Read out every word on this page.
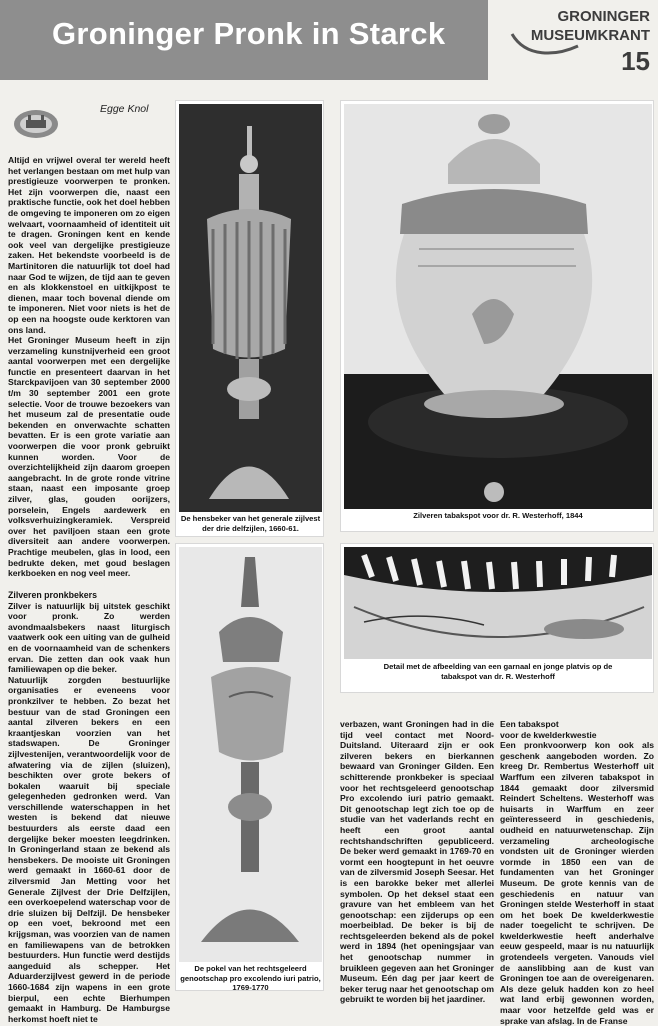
Groninger Pronk in Starck	GRONINGER
MUSEUMKRANT
15
Egge Knol

Altijd en vrijwel overal ter wereld heeft het verlangen bestaan om met hulp van prestigieuze voorwerpen te pronken. Het zijn voorwerpen die, naast een praktische functie, ook het doel hebben de omgeving te imponeren om zo eigen welvaart, voornaamheid of identiteit uit te dragen. Groningen kent en kende ook veel van dergelijke prestigieuze zaken. Het bekendste voorbeeld is de Martinitoren die natuurlijk tot doel had naar God te wijzen, de tijd aan te geven en als klokkenstoel en uitkijkpost te dienen, maar toch bovenal diende om te imponeren. Niet voor niets is het de op een na hoogste oude kerktoren van ons land.

Het Groninger Museum heeft in zijn verzameling kunstnijverheid een groot aantal voorwerpen met een dergelijke functie en presenteert daarvan in het Starckpavijoen van 30 september 2000 t/m 30 september 2001 een grote selectie. Voor de trouwe bezoekers van het museum zal de presentatie oude bekenden en onverwachte schatten bevatten. Er is een grote variatie aan voorwerpen die voor pronk gebruikt kunnen worden. Voor de overzichtelijkheid zijn daarom groepen aangebracht. In de grote ronde vitrine staan, naast een imposante groep zilver, glas, gouden oorijzers, porselein, Engels aardewerk en volksverhuizingkeramiek. Verspreid over het paviljoen staan een grote diversiteit aan andere voorwerpen. Prachtige meubelen, glas in lood, een bedrukte deken, met goud beslagen kerkboeken en nog veel meer.

Zilveren pronkbekers

Zilver is natuurlijk bij uitstek geschikt voor pronk. Zo werden avondmaalsbekers naast liturgisch vaatwerk ook een uiting van de gulheid en de voornaamheid van de schenkers ervan. Die zetten dan ook vaak hun familiewapen op die beker.

Natuurlijk zorgden bestuurlijke organisaties er eveneens voor pronkzilver te hebben. Zo bezat het bestuur van de stad Groningen een aantal zilveren bekers en een kraantjeskan voorzien van het stadswapen. De Groninger zijlvestenijen, verantwoordelijk voor de afwatering via de zijlen (sluizen), beschikten over grote bekers of bokalen waaruit bij speciale gelegenheden gedronken werd. Van verschillende waterschappen in het westen is bekend dat nieuwe bestuurders als eerste daad een dergelijke beker moesten leegdrinken. In Groningerland staan ze bekend als hensbekers. De mooiste uit Groningen werd gemaakt in 1660-61 door de zilversmid Jan Metting voor het Generale Zijlvest der Drie Delfzijlen, een overkoepelend waterschap voor de drie sluizen bij Delfzijl. De hensbeker op een voet, bekroond met een krijgsman, was voorzien van de namen en familiewapens van de betrokken bestuurders. Hun functie werd destijds aangeduid als schepper. Het Aduarderzijlvest gewerd in de periode 1660-1684 zijn wapens in een grote bierpul, een echte Bierhumpen gemaakt in Hamburg. De Hamburgse herkomst hoeft niet te

De hensbeker van het generale zijlvest der drie delfzijlen, 1660-61.
Zilveren tabakspot voor dr. R. Westerhoff, 1844
De pokel van het rechtsgeleerd genootschap pro excolendo iuri patrio, 1769-1770
Detail met de afbeelding van een garnaal en jonge platvis op de tabakspot van dr. R. Westerhoff

verbazen, want Groningen had in die tijd veel contact met Noord-Duitsland. Uiteraard zijn er ook zilveren bekers en bierkannen bewaard van Groninger Gilden. Een schitterende pronkbeker is speciaal voor het rechtsgeleerd genootschap Pro excolendo iuri patrio gemaakt. Dit genootschap legt zich toe op de studie van het vaderlands recht en heeft een groot aantal rechtshandschriften gepubliceerd. De beker werd gemaakt in 1769-70 en vormt een hoogtepunt in het oeuvre van de zilversmid Joseph Seesar. Het is een barokke beker met allerlei symbolen. Op het deksel staat een gravure van het embleem van het genootschap: een zijderups op een moerbeiblad. De beker is bij de rechtsgeleerden bekend als de pokel werd in 1894 (het openingsjaar van het genootschap nummer in bruikleen gegeven aan het Groninger Museum. Eén dag per jaar keert de beker terug naar het genootschap om gebruikt te worden bij het jaardiner.

Een tabakspot

voor de kwelderkwestie

Een pronkvoorwerp kon ook als geschenk aangeboden worden. Zo kreeg Dr. Rembertus Westerhoff uit Warffum een zilveren tabakspot in 1844 gemaakt door zilversmid Reindert Scheltens. Westerhoff was huisarts in Warffum en zeer geïnteresseerd in geschiedenis, oudheid en natuurwetenschap. Zijn verzameling archeologische vondsten uit de Groninger wierden vormde in 1850 een van de fundamenten van het Groninger Museum. De grote kennis van de geschiedenis en natuur van Groningen stelde Westerhoff in staat om het boek De kwelderkwestie nader toegelicht te schrijven. De kwelderkwestie heeft anderhalve eeuw gespeeld, maar is nu natuurlijk grotendeels vergeten. Vanouds viel de aanslibbing aan de kust van Groningen toe aan de overeigenaren. Als deze geluk hadden kon zo heel wat land erbij gewonnen worden, maar voor hetzelfde geld was er sprake van afslag. In de Franse
